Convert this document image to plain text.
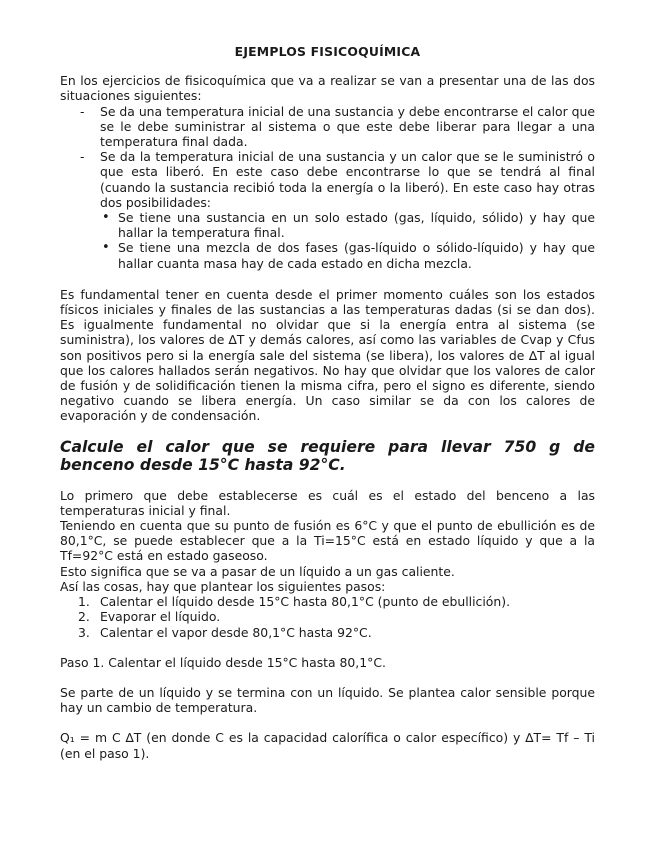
EJEMPLOS FISICOQUÍMICA

En los ejercicios de fisicoquímica que va a realizar se van a presentar una de las dos situaciones siguientes:

- Se da una temperatura inicial de una sustancia y debe encontrarse el calor que se le debe suministrar al sistema o que este debe liberar para llegar a una temperatura final dada.
- Se da la temperatura inicial de una sustancia y un calor que se le suministró o que esta liberó. En este caso debe encontrarse lo que se tendrá al final (cuando la sustancia recibió toda la energía o la liberó). En este caso hay otras dos posibilidades:
• Se tiene una sustancia en un solo estado (gas, líquido, sólido) y hay que hallar la temperatura final.
• Se tiene una mezcla de dos fases (gas-líquido o sólido-líquido) y hay que hallar cuanta masa hay de cada estado en dicha mezcla.

Es fundamental tener en cuenta desde el primer momento cuáles son los estados físicos iniciales y finales de las sustancias a las temperaturas dadas (si se dan dos). Es igualmente fundamental no olvidar que si la energía entra al sistema (se suministra), los valores de ∆T y demás calores, así como las variables de Cvap y Cfus son positivos pero si la energía sale del sistema (se libera), los valores de ∆T al igual que los calores hallados serán negativos. No hay que olvidar que los valores de calor de fusión y de solidificación tienen la misma cifra, pero el signo es diferente, siendo negativo cuando se libera energía. Un caso similar se da con los calores de evaporación y de condensación.

Calcule el calor que se requiere para llevar 750 g de benceno desde 15°C hasta 92°C.

Lo primero que debe establecerse es cuál es el estado del benceno a las temperaturas inicial y final.

Teniendo en cuenta que su punto de fusión es 6°C y que el punto de ebullición es de 80,1°C, se puede establecer que a la Ti=15°C está en estado líquido y que a la Tf=92°C está en estado gaseoso.

Esto significa que se va a pasar de un líquido a un gas caliente.

Así las cosas, hay que plantear los siguientes pasos:

1. Calentar el líquido desde 15°C hasta 80,1°C (punto de ebullición).
2. Evaporar el líquido.
3. Calentar el vapor desde 80,1°C hasta 92°C.

Paso 1. Calentar el líquido desde 15°C hasta 80,1°C.

Se parte de un líquido y se termina con un líquido. Se plantea calor sensible porque hay un cambio de temperatura.

Q₁ = m C ∆T (en donde C es la capacidad calorífica o calor específico) y ∆T= Tf – Ti (en el paso 1).
